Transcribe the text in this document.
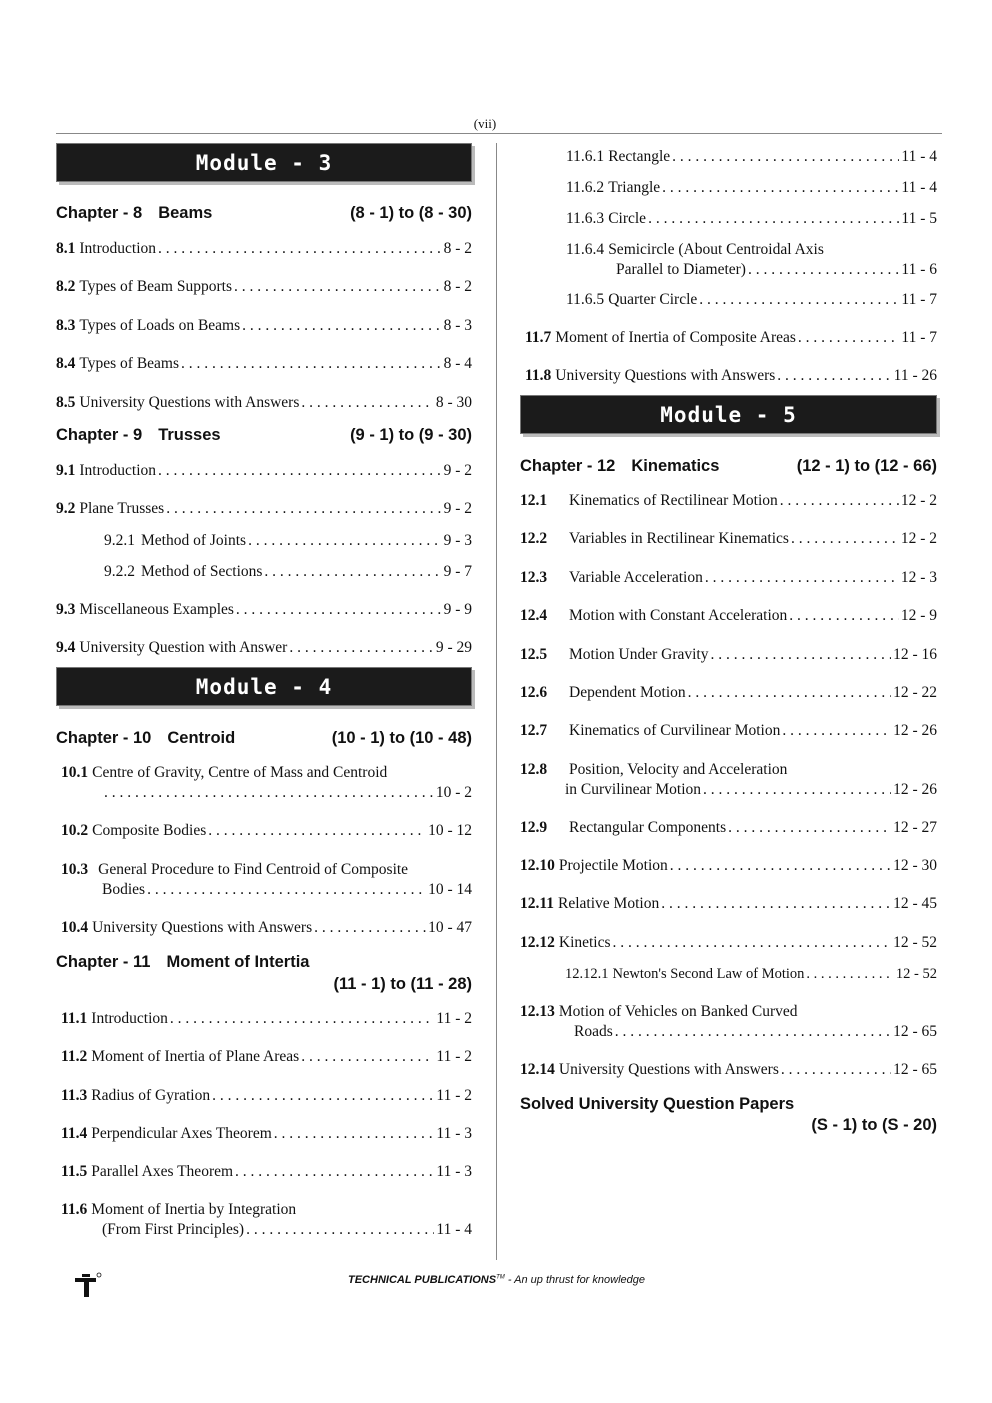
(vii)
Module - 3
Chapter - 8 Beams	(8 - 1) to (8 - 30)
8.1 Introduction . . .	8 - 2
8.2 Types of Beam Supports . . .	8 - 2
8.3 Types of Loads on Beams . . .	8 - 3
8.4 Types of Beams . . .	8 - 4
8.5 University Questions with Answers . . .	8 - 30
Chapter - 9 Trusses	(9 - 1) to (9 - 30)
9.1 Introduction . . .	9 - 2
9.2 Plane Trusses . . .	9 - 2
9.2.1 Method of Joints . . .	9 - 3
9.2.2 Method of Sections . . .	9 - 7
9.3 Miscellaneous Examples . . .	9 - 9
9.4 University Question with Answer . . .	9 - 29
Module - 4
Chapter - 10 Centroid	(10 - 1) to (10 - 48)
10.1 Centre of Gravity, Centre of Mass and Centroid
. . .
10 - 2
10.2 Composite Bodies . . .	10 - 12
10.3 General Procedure to Find Centroid of Composite
Bodies . . .	10 - 14
10.4 University Questions with Answers . . .	10 - 47
Chapter - 11 Moment of Intertia
(11 - 1) to (11 - 28)
11.1 Introduction . . .	11 - 2
11.2 Moment of Inertia of Plane Areas . . .	11 - 2
11.3 Radius of Gyration . . .	11 - 2
11.4 Perpendicular Axes Theorem . . .	11 - 3
11.5 Parallel Axes Theorem . . .	11 - 3
11.6 Moment of Inertia by Integration
(From First Principles) . . .	11 - 4
11.6.1 Rectangle . . .	11 - 4
11.6.2 Triangle . . .	11 - 4
11.6.3 Circle . . .	11 - 5
11.6.4 Semicircle (About Centroidal Axis
Parallel to Diameter) . . .	11 - 6
11.6.5 Quarter Circle . . .	11 - 7
11.7 Moment of Inertia of Composite Areas . . .	11 - 7
11.8 University Questions with Answers . . .	11 - 26
Module - 5
Chapter - 12 Kinematics	(12 - 1) to (12 - 66)
12.1	Kinematics of Rectilinear Motion . . .	12 - 2
12.2	Variables in Rectilinear Kinematics . . .	12 - 2
12.3	Variable Acceleration . . .	12 - 3
12.4	Motion with Constant Acceleration . . .	12 - 9
12.5	Motion Under Gravity . . .	12 - 16
12.6	Dependent Motion . . .	12 - 22
12.7	Kinematics of Curvilinear Motion . . .	12 - 26
12.8 Position, Velocity and Acceleration
in Curvilinear Motion . . .	12 - 26
12.9	Rectangular Components . . .	12 - 27
12.10 Projectile Motion . . .	12 - 30
12.11 Relative Motion . . .	12 - 45
12.12 Kinetics . . .	12 - 52
12.12.1 Newton's Second Law of Motion . . .	12 - 52
12.13 Motion of Vehicles on Banked Curved
Roads . . .	12 - 65
12.14 University Questions with Answers . . .	12 - 65
Solved University Question Papers
(S - 1) to (S - 20)
TECHNICAL PUBLICATIONS™ - An up thrust for knowledge
